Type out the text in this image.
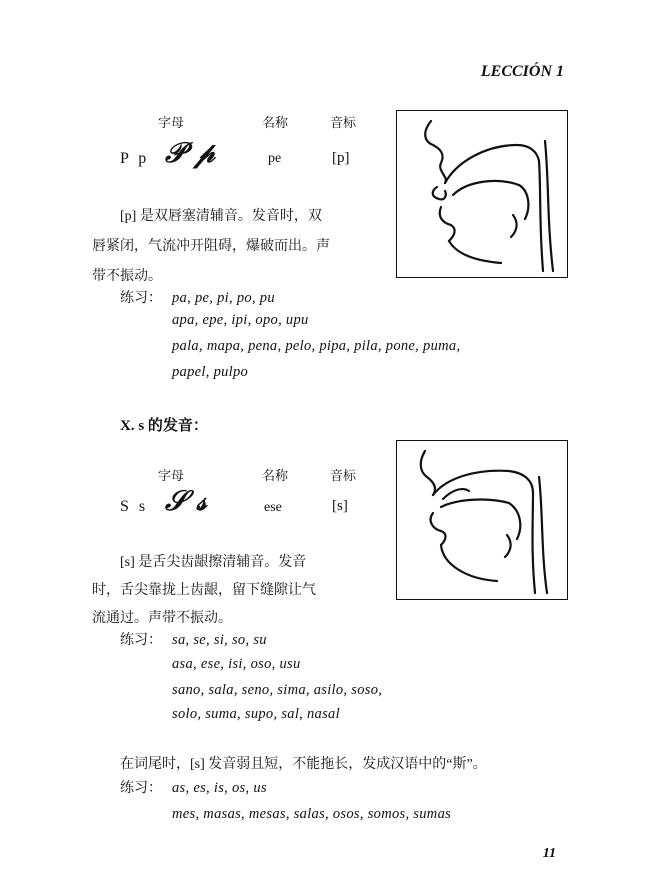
LECCIÓN 1
字母	名称	音标
P p 𝒫 𝓅	pe	[p]
[p] 是双唇塞清辅音。发音时，双
唇紧闭，气流冲开阻碍，爆破而出。声
带不振动。
练习： pa, pe, pi, po, pu
apa, epe, ipi, opo, upu
pala, mapa, pena, pelo, pipa, pila, pone, puma,
papel, pulpo
X. s 的发音：
字母	名称	音标
S s 𝒮 𝓈	ese	[s]
[s] 是舌尖齿龈擦清辅音。发音
时，舌尖靠拢上齿龈，留下缝隙让气
流通过。声带不振动。
练习： sa, se, si, so, su
asa, ese, isi, oso, usu
sano, sala, seno, sima, asilo, soso,
solo, suma, supo, sal, nasal
在词尾时，[s] 发音弱且短，不能拖长，发成汉语中的“斯”。
练习： as, es, is, os, us
mes, masas, mesas, salas, osos, somos, sumas
11
